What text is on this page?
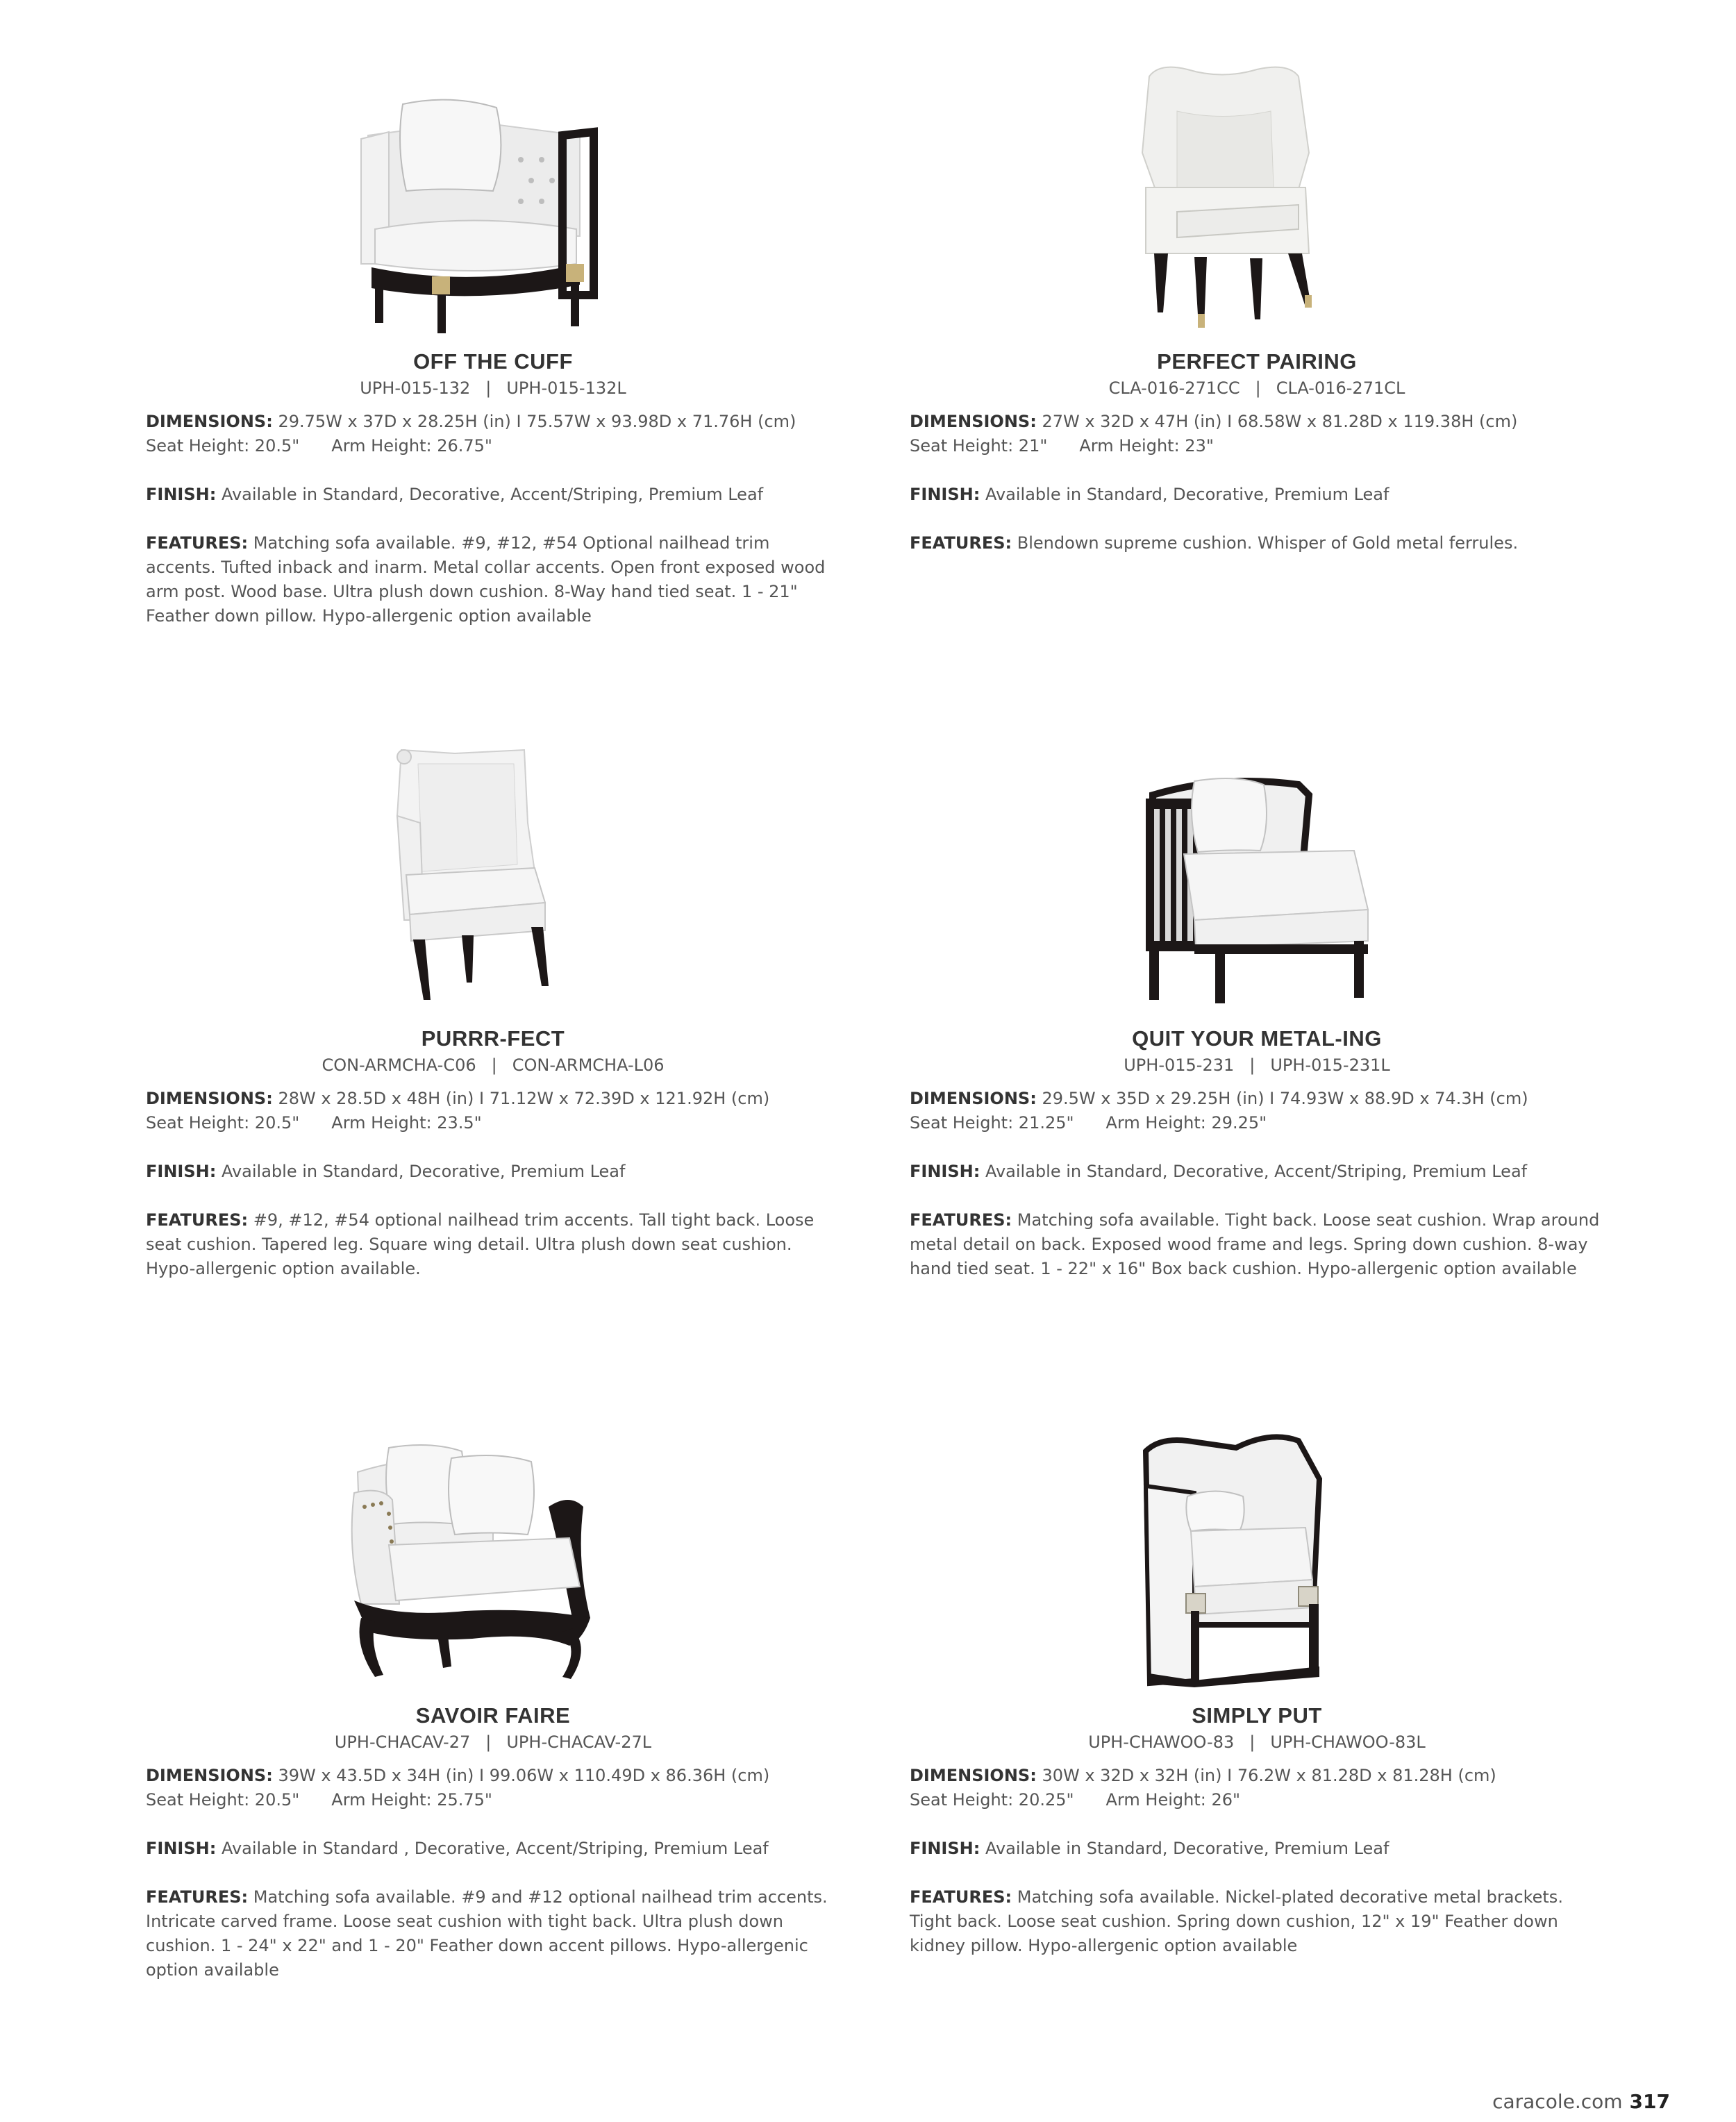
OFF THE CUFF
UPH-015-132 | UPH-015-132L

DIMENSIONS: 29.75W x 37D x 28.25H (in) I 75.57W x 93.98D x 71.76H (cm)

Seat Height: 20.5" Arm Height: 26.75"

FINISH: Available in Standard, Decorative, Accent/Striping, Premium Leaf

FEATURES: Matching sofa available. #9, #12, #54 Optional nailhead trim accents. Tufted inback and inarm. Metal collar accents. Open front exposed wood arm post. Wood base. Ultra plush down cushion. 8-Way hand tied seat. 1 - 21" Feather down pillow. Hypo-allergenic option available

PERFECT PAIRING
CLA-016-271CC | CLA-016-271CL

DIMENSIONS: 27W x 32D x 47H (in) I 68.58W x 81.28D x 119.38H (cm)

Seat Height: 21" Arm Height: 23"

FINISH: Available in Standard, Decorative, Premium Leaf

FEATURES: Blendown supreme cushion. Whisper of Gold metal ferrules.

PURRR-FECT
CON-ARMCHA-C06 | CON-ARMCHA-L06

DIMENSIONS: 28W x 28.5D x 48H (in) I 71.12W x 72.39D x 121.92H (cm)

Seat Height: 20.5" Arm Height: 23.5"

FINISH: Available in Standard, Decorative, Premium Leaf

FEATURES: #9, #12, #54 optional nailhead trim accents. Tall tight back. Loose seat cushion. Tapered leg. Square wing detail. Ultra plush down seat cushion. Hypo-allergenic option available.

QUIT YOUR METAL-ING
UPH-015-231 | UPH-015-231L

DIMENSIONS: 29.5W x 35D x 29.25H (in) I 74.93W x 88.9D x 74.3H (cm)

Seat Height: 21.25" Arm Height: 29.25"

FINISH: Available in Standard, Decorative, Accent/Striping, Premium Leaf

FEATURES: Matching sofa available. Tight back. Loose seat cushion. Wrap around metal detail on back. Exposed wood frame and legs. Spring down cushion. 8-way hand tied seat. 1 - 22" x 16" Box back cushion. Hypo-allergenic option available

SAVOIR FAIRE
UPH-CHACAV-27 | UPH-CHACAV-27L

DIMENSIONS: 39W x 43.5D x 34H (in) I 99.06W x 110.49D x 86.36H (cm)

Seat Height: 20.5" Arm Height: 25.75"

FINISH: Available in Standard , Decorative, Accent/Striping, Premium Leaf

FEATURES: Matching sofa available. #9 and #12 optional nailhead trim accents. Intricate carved frame. Loose seat cushion with tight back. Ultra plush down cushion. 1 - 24" x 22" and 1 - 20" Feather down accent pillows. Hypo-allergenic option available

SIMPLY PUT
UPH-CHAWOO-83 | UPH-CHAWOO-83L

DIMENSIONS: 30W x 32D x 32H (in) I 76.2W x 81.28D x 81.28H (cm)

Seat Height: 20.25" Arm Height: 26"

FINISH: Available in Standard, Decorative, Premium Leaf

FEATURES: Matching sofa available. Nickel-plated decorative metal brackets. Tight back. Loose seat cushion. Spring down cushion, 12" x 19" Feather down kidney pillow. Hypo-allergenic option available

caracole.com 317
